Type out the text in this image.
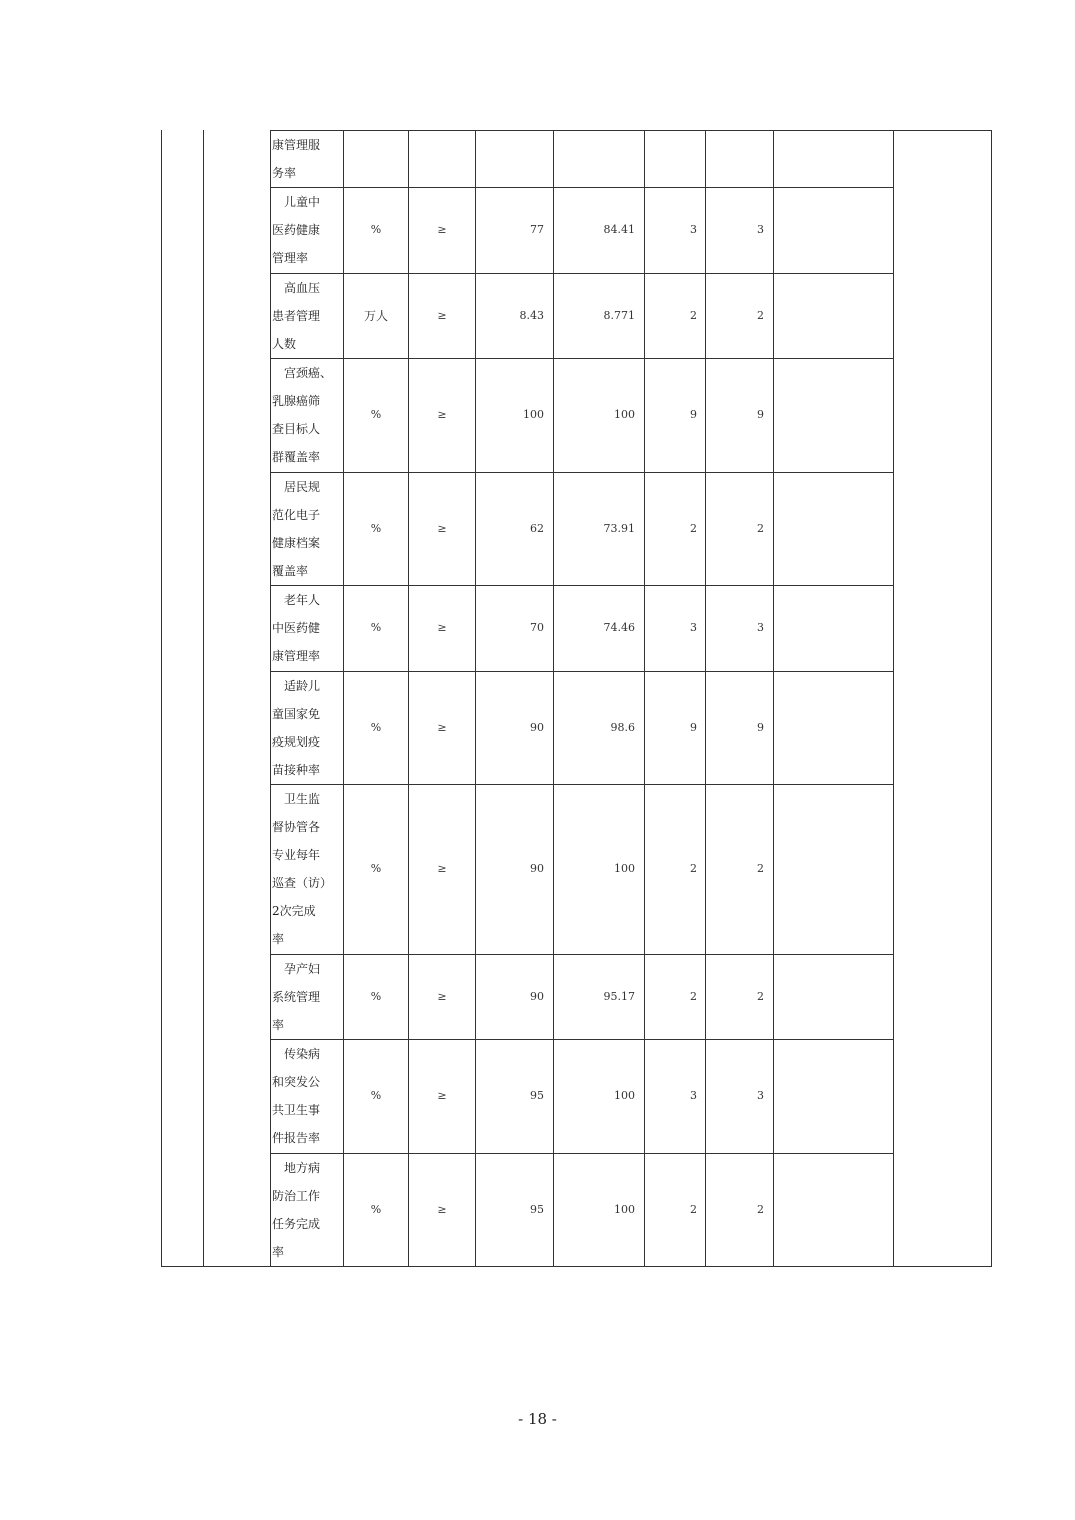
康管理服
务率
儿童中
医药健康
管理率
%	≥	77	84.41	3	3
高血压
患者管理
人数
万人	≥	8.43	8.771	2	2
宫颈癌、
乳腺癌筛
查目标人
群覆盖率
%	≥	100	100	9	9
居民规
范化电子
健康档案
覆盖率
%	≥	62	73.91	2	2
老年人
中医药健
康管理率
%	≥	70	74.46	3	3
适龄儿
童国家免
疫规划疫
苗接种率
%	≥	90	98.6	9	9
卫生监
督协管各
专业每年
巡查（访）
2次完成
率
%	≥	90	100	2	2
孕产妇
系统管理
率
%	≥	90	95.17	2	2
传染病
和突发公
共卫生事
件报告率
%	≥	95	100	3	3
地方病
防治工作
任务完成
率
%	≥	95	100	2	2
- 18 -
